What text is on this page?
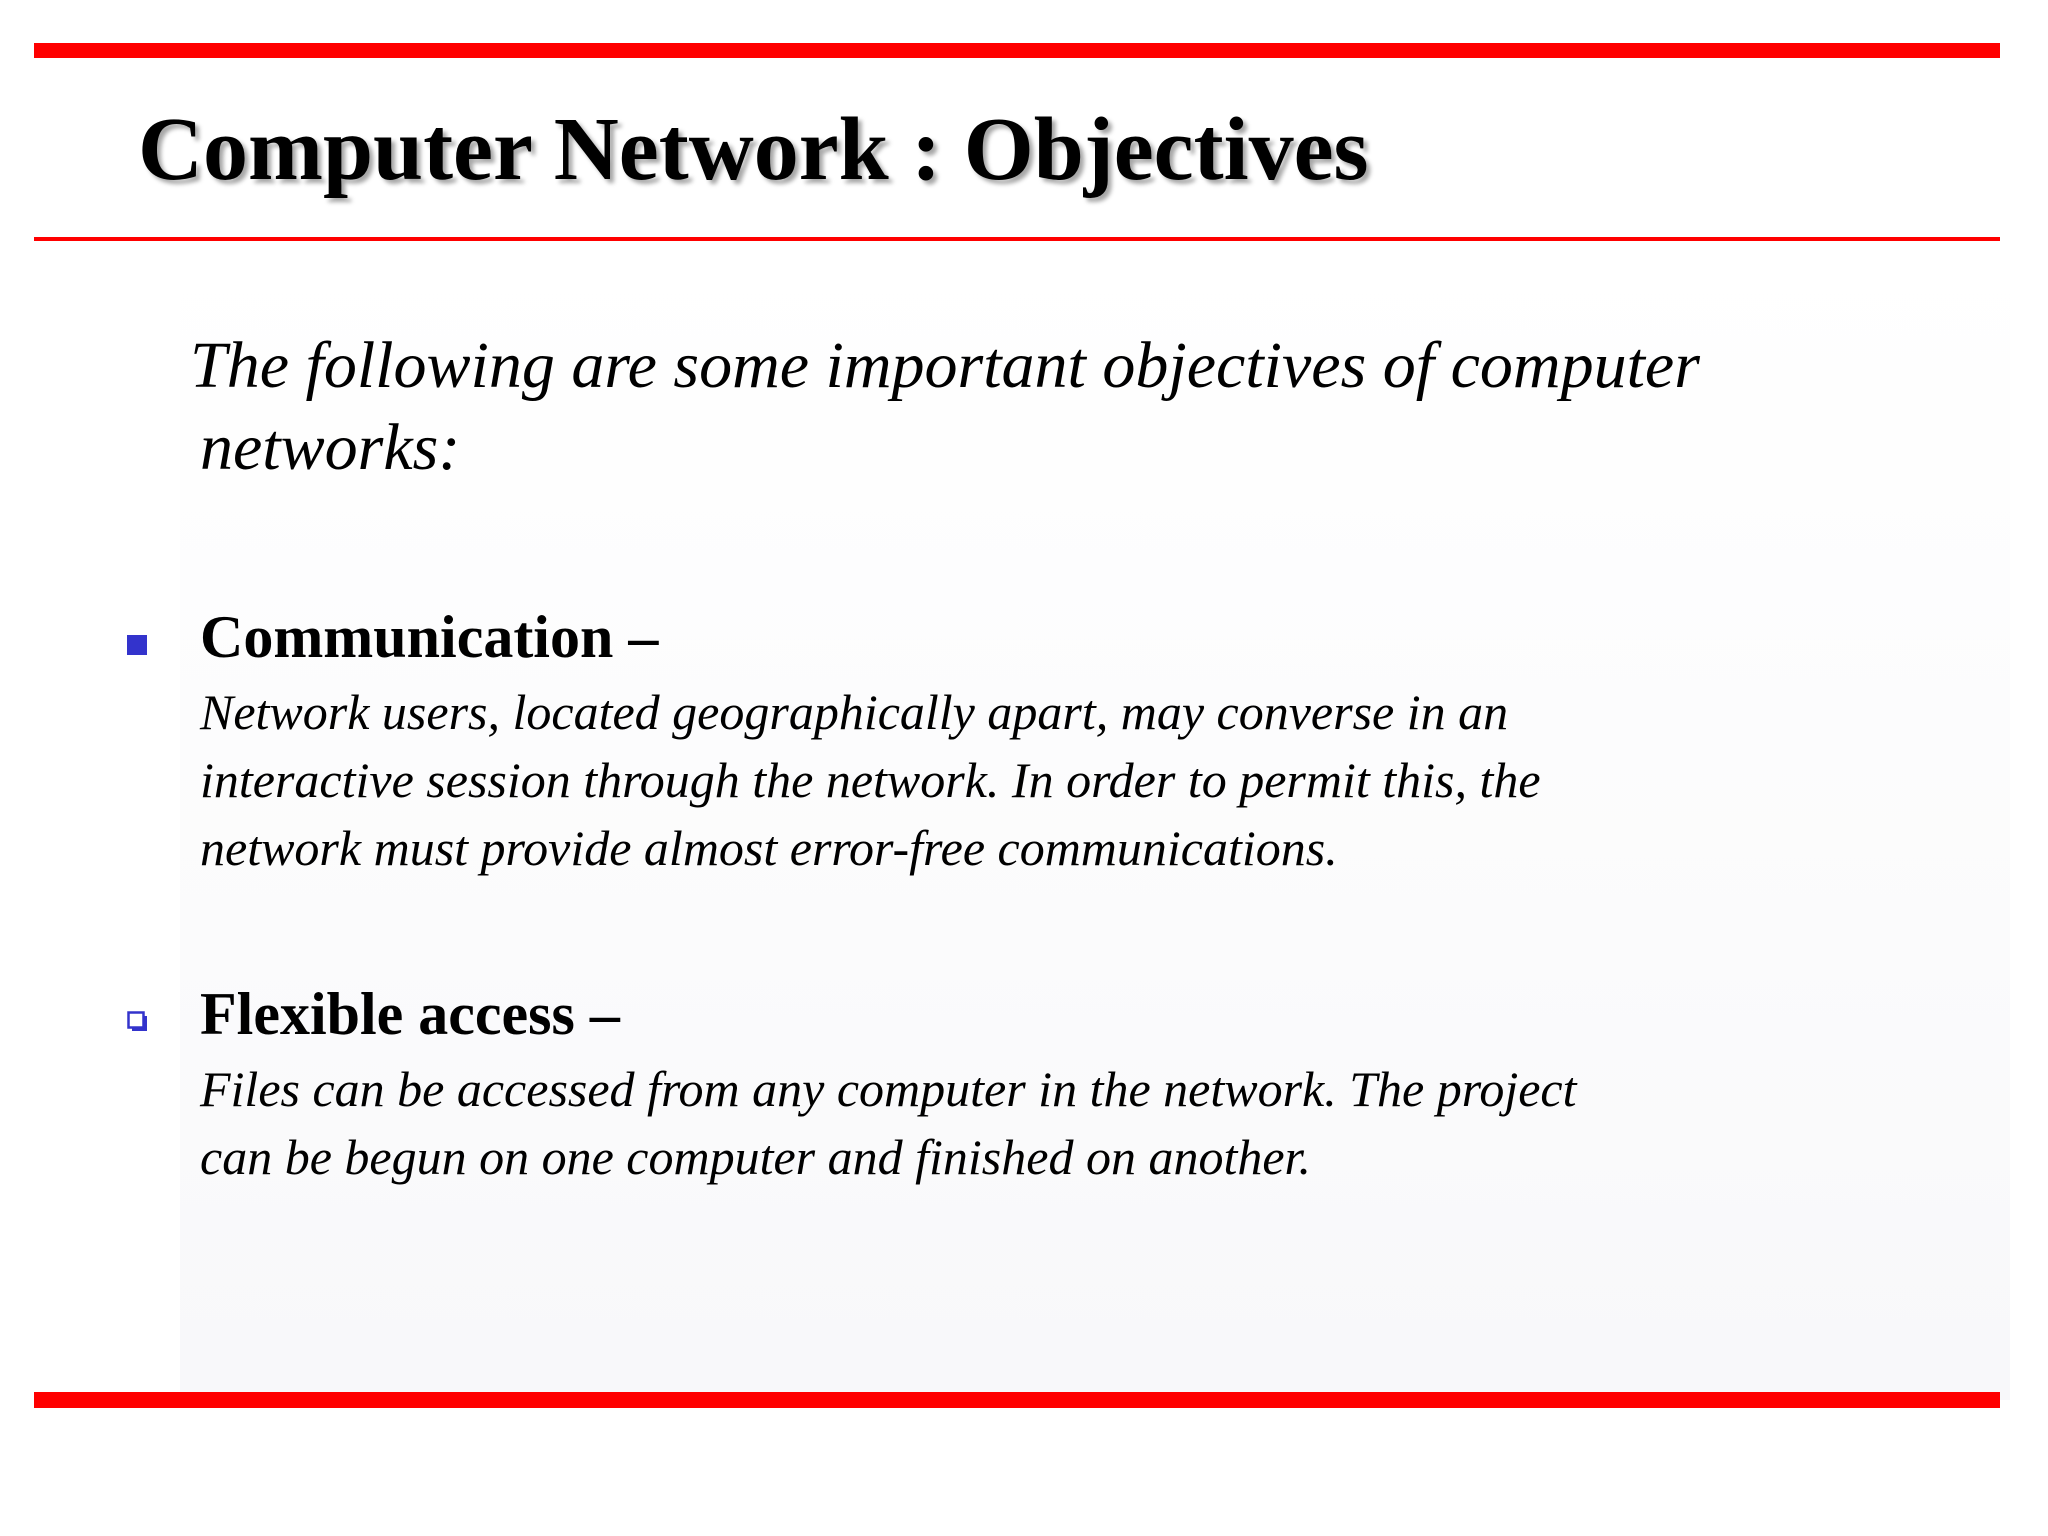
Computer Network : Objectives
The following are some important objectives of computer
networks:
Communication –
Network users, located geographically apart, may converse in an
interactive session through the network. In order to permit this, the
network must provide almost error-free communications.
Flexible access –
Files can be accessed from any computer in the network. The project
can be begun on one computer and finished on another.
